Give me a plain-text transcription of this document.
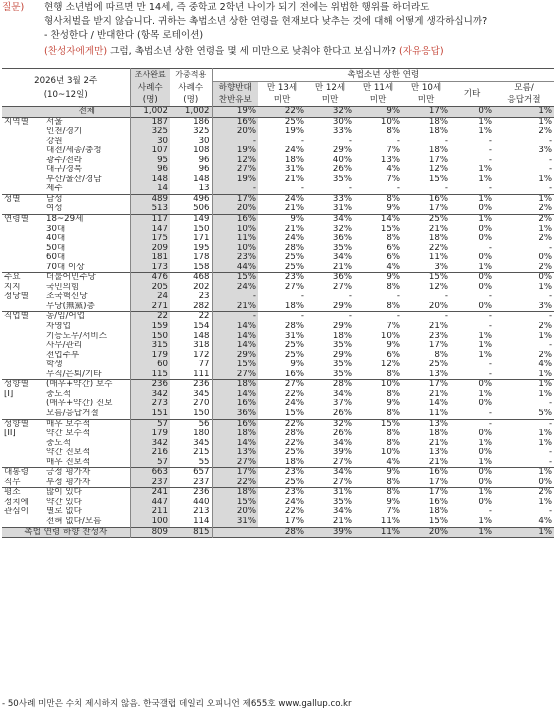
질문) 현행 소년법에 따르면 만 14세, 즉 중학교 2학년 나이가 되기 전에는 위법한 행위를 하더라도
형사처벌을 받지 않습니다. 귀하는 촉법소년 상한 연령을 현재보다 낮추는 것에 대해 어떻게 생각하십니까?
- 찬성한다 / 반대한다 (항목 로테이션)
(찬성자에게만) 그럼, 촉법소년 상한 연령을 몇 세 미만으로 낮춰야 한다고 보십니까? (자유응답)
2026년 3월 2주
(10~12일)		조사완료	가중적용	촉법소년 상한 연령						
		사례수	사례수	하향반대	만 13세	만 12세	만 11세	만 10세	기타	모름/
		(명)	(명)	찬반유보	미만	미만	미만	미만		응답거절
	전체	1,002	1,002	19%	22%	32%	9%	17%	0%	1%
지역별	서울	187	186	16%	25%	30%	10%	18%	1%	1%
	인천/경기	325	325	20%	19%	33%	8%	18%	1%	2%
	강원	30	30	-	-	-	-	-	-	-
	대전/세종/충청	107	108	19%	24%	29%	7%	18%	-	3%
	광주/전라	95	96	12%	18%	40%	13%	17%	-	-
	대구/경북	96	96	27%	31%	26%	4%	12%	1%	-
	부산/울산/경남	148	148	19%	21%	35%	7%	15%	1%	1%
	제주	14	13	-	-	-	-	-	-	-
성별	남성	489	496	17%	24%	33%	8%	16%	1%	1%
	여성	513	506	20%	21%	31%	9%	17%	0%	2%
연령별	18~29세	117	149	16%	9%	34%	14%	25%	1%	2%
	30대	147	150	10%	21%	32%	15%	21%	0%	1%
	40대	175	171	11%	24%	36%	8%	18%	0%	2%
	50대	209	195	10%	28%	35%	6%	22%	-	-
	60대	181	178	23%	25%	34%	6%	11%	0%	0%
	70대 이상	173	158	44%	25%	21%	4%	3%	1%	2%
주요	더불어민주당	476	468	15%	23%	36%	9%	15%	0%	0%
지지	국민의힘	205	202	24%	27%	27%	8%	12%	0%	1%
정당별	조국혁신당	24	23	-	-	-	-	-	-	-
	무당(無黨)층	271	282	21%	18%	29%	8%	20%	0%	3%
직업별	농/임/어업	22	22	-	-	-	-	-	-	-
	자영업	159	154	14%	28%	29%	7%	21%	-	2%
	기능노무/서비스	150	148	14%	31%	18%	10%	23%	1%	1%
	사무/관리	315	318	14%	25%	35%	9%	17%	1%	-
	전업주부	179	172	29%	25%	29%	6%	8%	1%	2%
	학생	60	77	15%	9%	35%	12%	25%	-	4%
	무직/은퇴/기타	115	111	27%	16%	35%	8%	13%	-	1%
성향별	(매우+약간) 보수	236	236	18%	27%	28%	10%	17%	0%	1%
[I]	중도적	342	345	14%	22%	34%	8%	21%	1%	1%
	(매우+약간) 진보	273	270	16%	24%	37%	9%	14%	0%	-
	모름/응답거절	151	150	36%	15%	26%	8%	11%	-	5%
성향별	매우 보수적	57	56	16%	22%	32%	15%	13%	-	-
[II]	약간 보수적	179	180	18%	28%	26%	8%	18%	0%	1%
	중도적	342	345	14%	22%	34%	8%	21%	1%	1%
	약간 진보적	216	215	13%	25%	39%	10%	13%	0%	-
	매우 진보적	57	55	27%	18%	27%	4%	21%	1%	-
대통령	긍정 평가자	663	657	17%	23%	34%	9%	16%	0%	1%
직무	부정 평가자	237	237	22%	25%	27%	8%	17%	0%	0%
평소	많이 있다	241	236	18%	23%	31%	8%	17%	1%	2%
정치에	약간 있다	447	440	15%	24%	35%	9%	16%	0%	1%
관심이	별로 없다	211	213	20%	22%	34%	7%	18%	-	-
	전혀 없다/모름	100	114	31%	17%	21%	11%	15%	1%	4%
촉법 연령 하향 찬성자		809	815		28%	39%	11%	20%	1%	1%
- 50사례 미만은 수치 제시하지 않음. 한국갤럽 데일리 오피니언 제655호 www.gallup.co.kr
